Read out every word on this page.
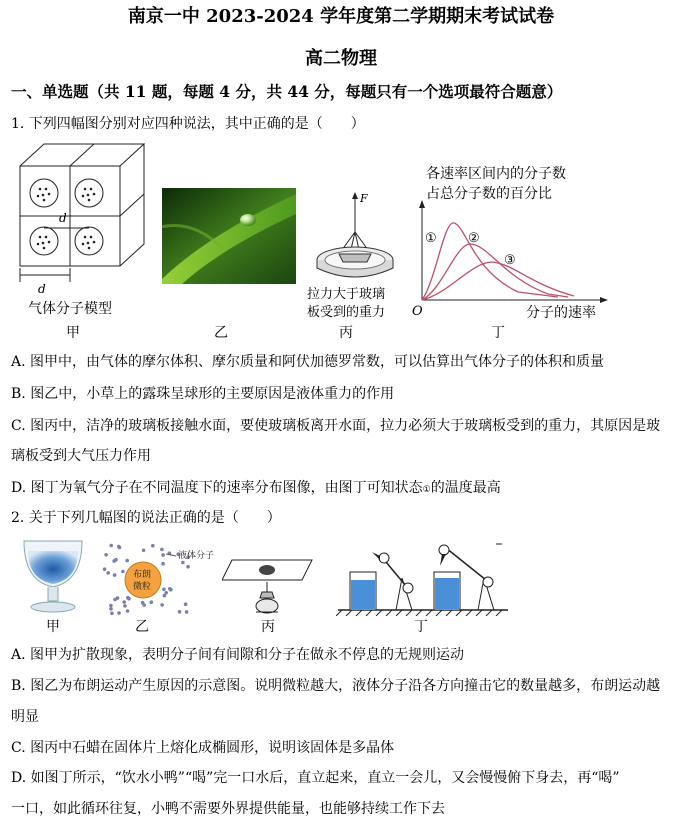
南京一中 2023-2024 学年度第二学期期末考试试卷
高二物理
一、单选题（共 11 题，每题 4 分，共 44 分，每题只有一个选项最符合题意）
1. 下列四幅图分别对应四种说法，其中正确的是（　　）
d
d
气体分子模型
甲	乙
F
拉力大于玻璃
板受到的重力
丙
各速率区间内的分子数
占总分子数的百分比
① ②
③
O	分子的速率
丁
A. 图甲中，由气体的摩尔体积、摩尔质量和阿伏加德罗常数，可以估算出气体分子的体积和质量
B. 图乙中，小草上的露珠呈球形的主要原因是液体重力的作用
C. 图丙中，洁净的玻璃板接触水面，要使玻璃板离开水面，拉力必须大于玻璃板受到的重力，其原因是玻
璃板受到大气压力作用
D. 图丁为氧气分子在不同温度下的速率分布图像，由图丁可知状态①的温度最高
2. 关于下列几幅图的说法正确的是（　　）
甲
布朗
微粒
液体分子
乙	丙	丁
A. 图甲为扩散现象，表明分子间有间隙和分子在做永不停息的无规则运动
B. 图乙为布朗运动产生原因的示意图。说明微粒越大，液体分子沿各方向撞击它的数量越多，布朗运动越
明显
C. 图丙中石蜡在固体片上熔化成椭圆形，说明该固体是多晶体
D. 如图丁所示，“饮水小鸭”“喝”完一口水后，直立起来，直立一会儿，又会慢慢俯下身去，再“喝”
一口，如此循环往复，小鸭不需要外界提供能量，也能够持续工作下去
